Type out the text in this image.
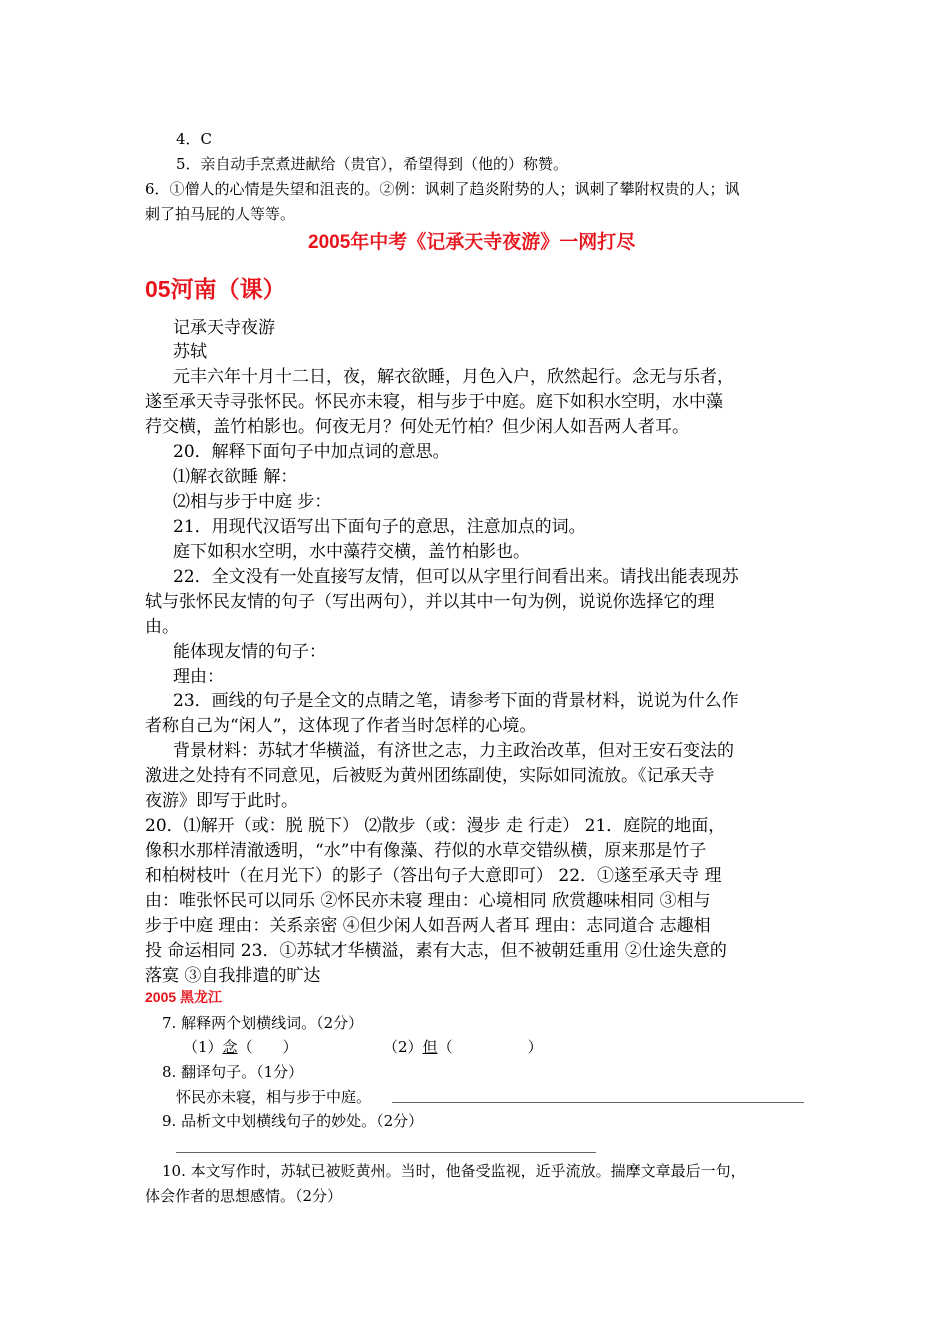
4．C
5．亲自动手烹煮进献给（贵官），希望得到（他的）称赞。
6．①僧人的心情是失望和沮丧的。②例：讽刺了趋炎附势的人；讽刺了攀附权贵的人；讽
刺了拍马屁的人等等。
2005年中考《记承天寺夜游》一网打尽
05河南（课）
记承天寺夜游
苏轼
元丰六年十月十二日，夜，解衣欲睡，月色入户，欣然起行。念无与乐者，
遂至承天寺寻张怀民。怀民亦未寝，相与步于中庭。庭下如积水空明，水中藻
荇交横，盖竹柏影也。何夜无月？何处无竹柏？但少闲人如吾两人者耳。
20．解释下面句子中加点词的意思。
⑴解衣欲睡 解：
⑵相与步于中庭 步：
21．用现代汉语写出下面句子的意思，注意加点的词。
庭下如积水空明，水中藻荇交横，盖竹柏影也。
22．全文没有一处直接写友情，但可以从字里行间看出来。请找出能表现苏
轼与张怀民友情的句子（写出两句），并以其中一句为例，说说你选择它的理
由。
能体现友情的句子：
理由：
23．画线的句子是全文的点睛之笔，请参考下面的背景材料，说说为什么作
者称自己为“闲人”，这体现了作者当时怎样的心境。
背景材料：苏轼才华横溢，有济世之志，力主政治改革，但对王安石变法的
激进之处持有不同意见，后被贬为黄州团练副使，实际如同流放。《记承天寺
夜游》即写于此时。
20．⑴解开（或：脱 脱下） ⑵散步（或：漫步 走 行走） 21．庭院的地面，
像积水那样清澈透明，“水”中有像藻、荇似的水草交错纵横，原来那是竹子
和柏树枝叶（在月光下）的影子（答出句子大意即可） 22．①遂至承天寺 理
由：唯张怀民可以同乐 ②怀民亦未寝 理由：心境相同 欣赏趣味相同 ③相与
步于中庭 理由：关系亲密 ④但少闲人如吾两人者耳 理由：志同道合 志趣相
投 命运相同 23．①苏轼才华横溢，素有大志，但不被朝廷重用 ②仕途失意的
落寞 ③自我排遣的旷达
2005 黑龙江
7. 解释两个划横线词。（2分）
（1）念（　　）	（2）但（　　　　　）
8. 翻译句子。（1分）
怀民亦未寝，相与步于中庭。
9. 品析文中划横线句子的妙处。（2分）
10. 本文写作时，苏轼已被贬黄州。当时，他备受监视，近乎流放。揣摩文章最后一句，
体会作者的思想感情。（2分）
